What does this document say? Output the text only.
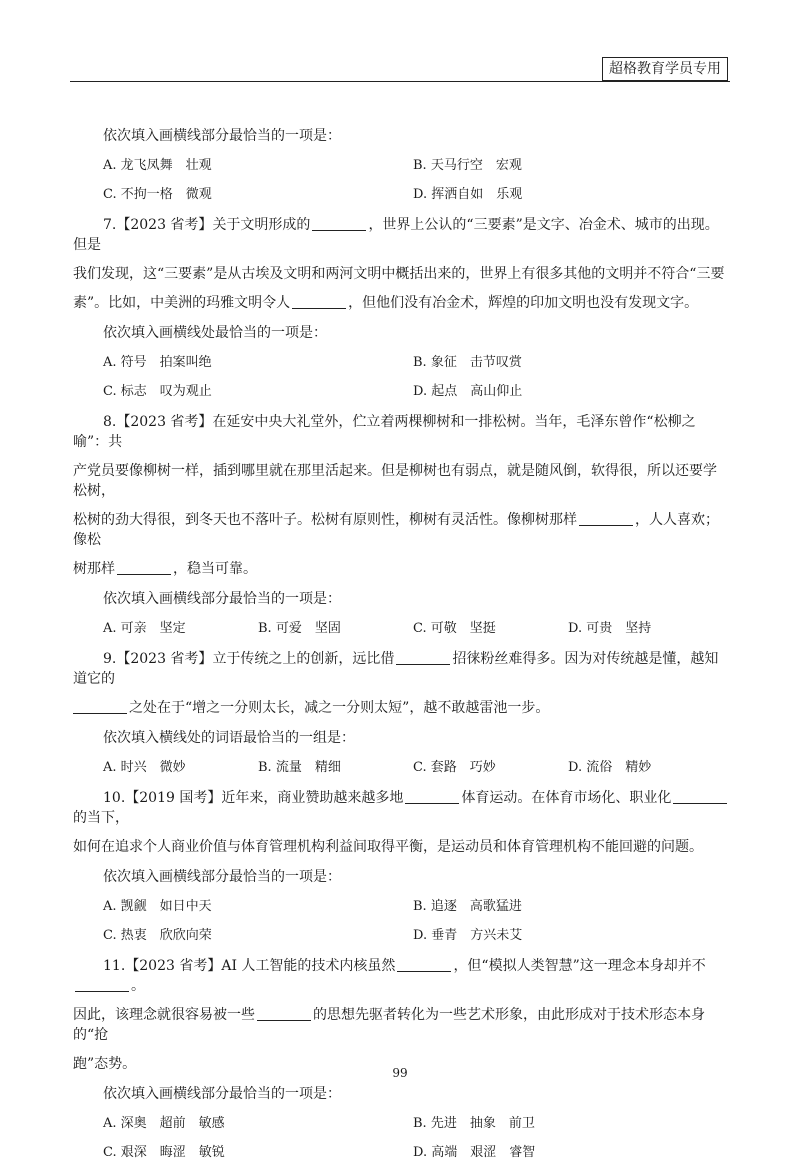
超格教育学员专用

依次填入画横线部分最恰当的一项是：

A. 龙飞凤舞　壮观	B. 天马行空　宏观
C. 不拘一格　微观	D. 挥洒自如　乐观

7.【2023 省考】关于文明形成的	，世界上公认的“三要素”是文字、冶金术、城市的出现。但是

我们发现，这“三要素”是从古埃及文明和两河文明中概括出来的，世界上有很多其他的文明并不符合“三要

素”。比如，中美洲的玛雅文明令人	，但他们没有冶金术，辉煌的印加文明也没有发现文字。

依次填入画横线处最恰当的一项是：

A. 符号　拍案叫绝	B. 象征　击节叹赏
C. 标志　叹为观止	D. 起点　高山仰止

8.【2023 省考】在延安中央大礼堂外，伫立着两棵柳树和一排松树。当年，毛泽东曾作“松柳之喻”：共

产党员要像柳树一样，插到哪里就在那里活起来。但是柳树也有弱点，就是随风倒，软得很，所以还要学松树，

松树的劲大得很，到冬天也不落叶子。松树有原则性，柳树有灵活性。像柳树那样	，人人喜欢；像松

树那样	，稳当可靠。

依次填入画横线部分最恰当的一项是：

A. 可亲　坚定	B. 可爱　坚固	C. 可敬　坚挺	D. 可贵　坚持

9.【2023 省考】立于传统之上的创新，远比借	招徕粉丝难得多。因为对传统越是懂，越知道它的

之处在于“增之一分则太长，减之一分则太短”，越不敢越雷池一步。

依次填入横线处的词语最恰当的一组是：

A. 时兴　微妙	B. 流量　精细	C. 套路　巧妙	D. 流俗　精妙

10.【2019 国考】近年来，商业赞助越来越多地	体育运动。在体育市场化、职业化的当下，

如何在追求个人商业价值与体育管理机构利益间取得平衡，是运动员和体育管理机构不能回避的问题。

依次填入画横线部分最恰当的一项是：

A. 觊觎　如日中天	B. 追逐　高歌猛进
C. 热衷　欣欣向荣	D. 垂青　方兴未艾

11.【2023 省考】AI 人工智能的技术内核虽然	，但“模拟人类智慧”这一理念本身却并不。

因此，该理念就很容易被一些	的思想先驱者转化为一些艺术形象，由此形成对于技术形态本身的“抢

跑”态势。

依次填入画横线部分最恰当的一项是：

A. 深奥　超前　敏感	B. 先进　抽象　前卫
C. 艰深　晦涩　敏锐	D. 高端　艰涩　睿智
99
